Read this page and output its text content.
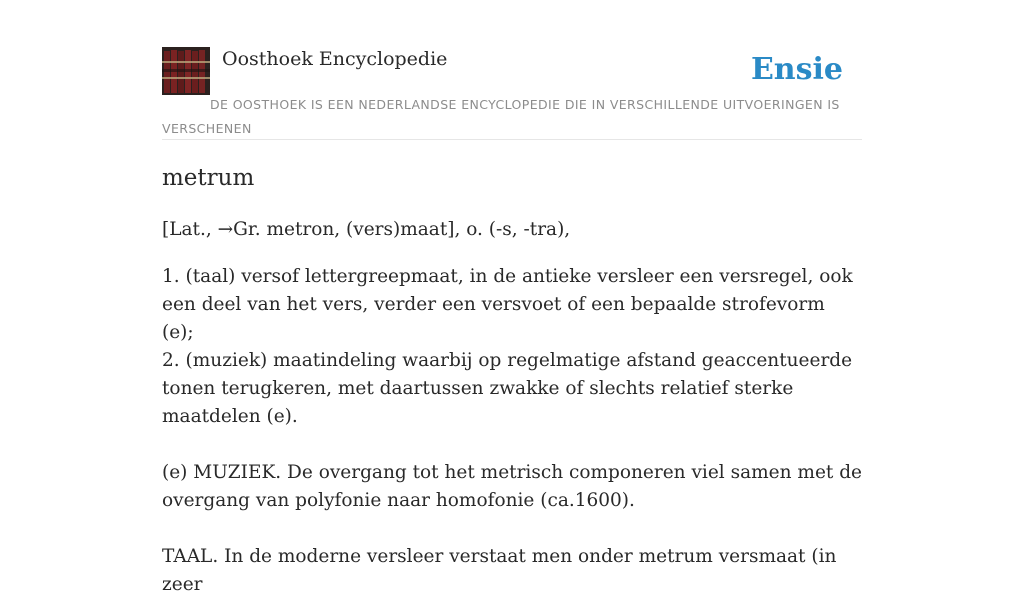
Oosthoek Encyclopedie	Ensie
DE OOSTHOEK IS EEN NEDERLANDSE ENCYCLOPEDIE DIE IN VERSCHILLENDE UITVOERINGEN IS VERSCHENEN
metrum

[Lat., →Gr. metron, (vers)maat], o. (-s, -tra),

1. (taal) versof lettergreepmaat, in de antieke versleer een versregel, ook een deel van het vers, verder een versvoet of een bepaalde strofevorm (e);

2. (muziek) maatindeling waarbij op regelmatige afstand geaccentueerde tonen terugkeren, met daartussen zwakke of slechts relatief sterke maatdelen (e).

(e) MUZIEK. De overgang tot het metrisch componeren viel samen met de overgang van polyfonie naar homofonie (ca.1600).

TAAL. In de moderne versleer verstaat men onder metrum versmaat (in zeer
